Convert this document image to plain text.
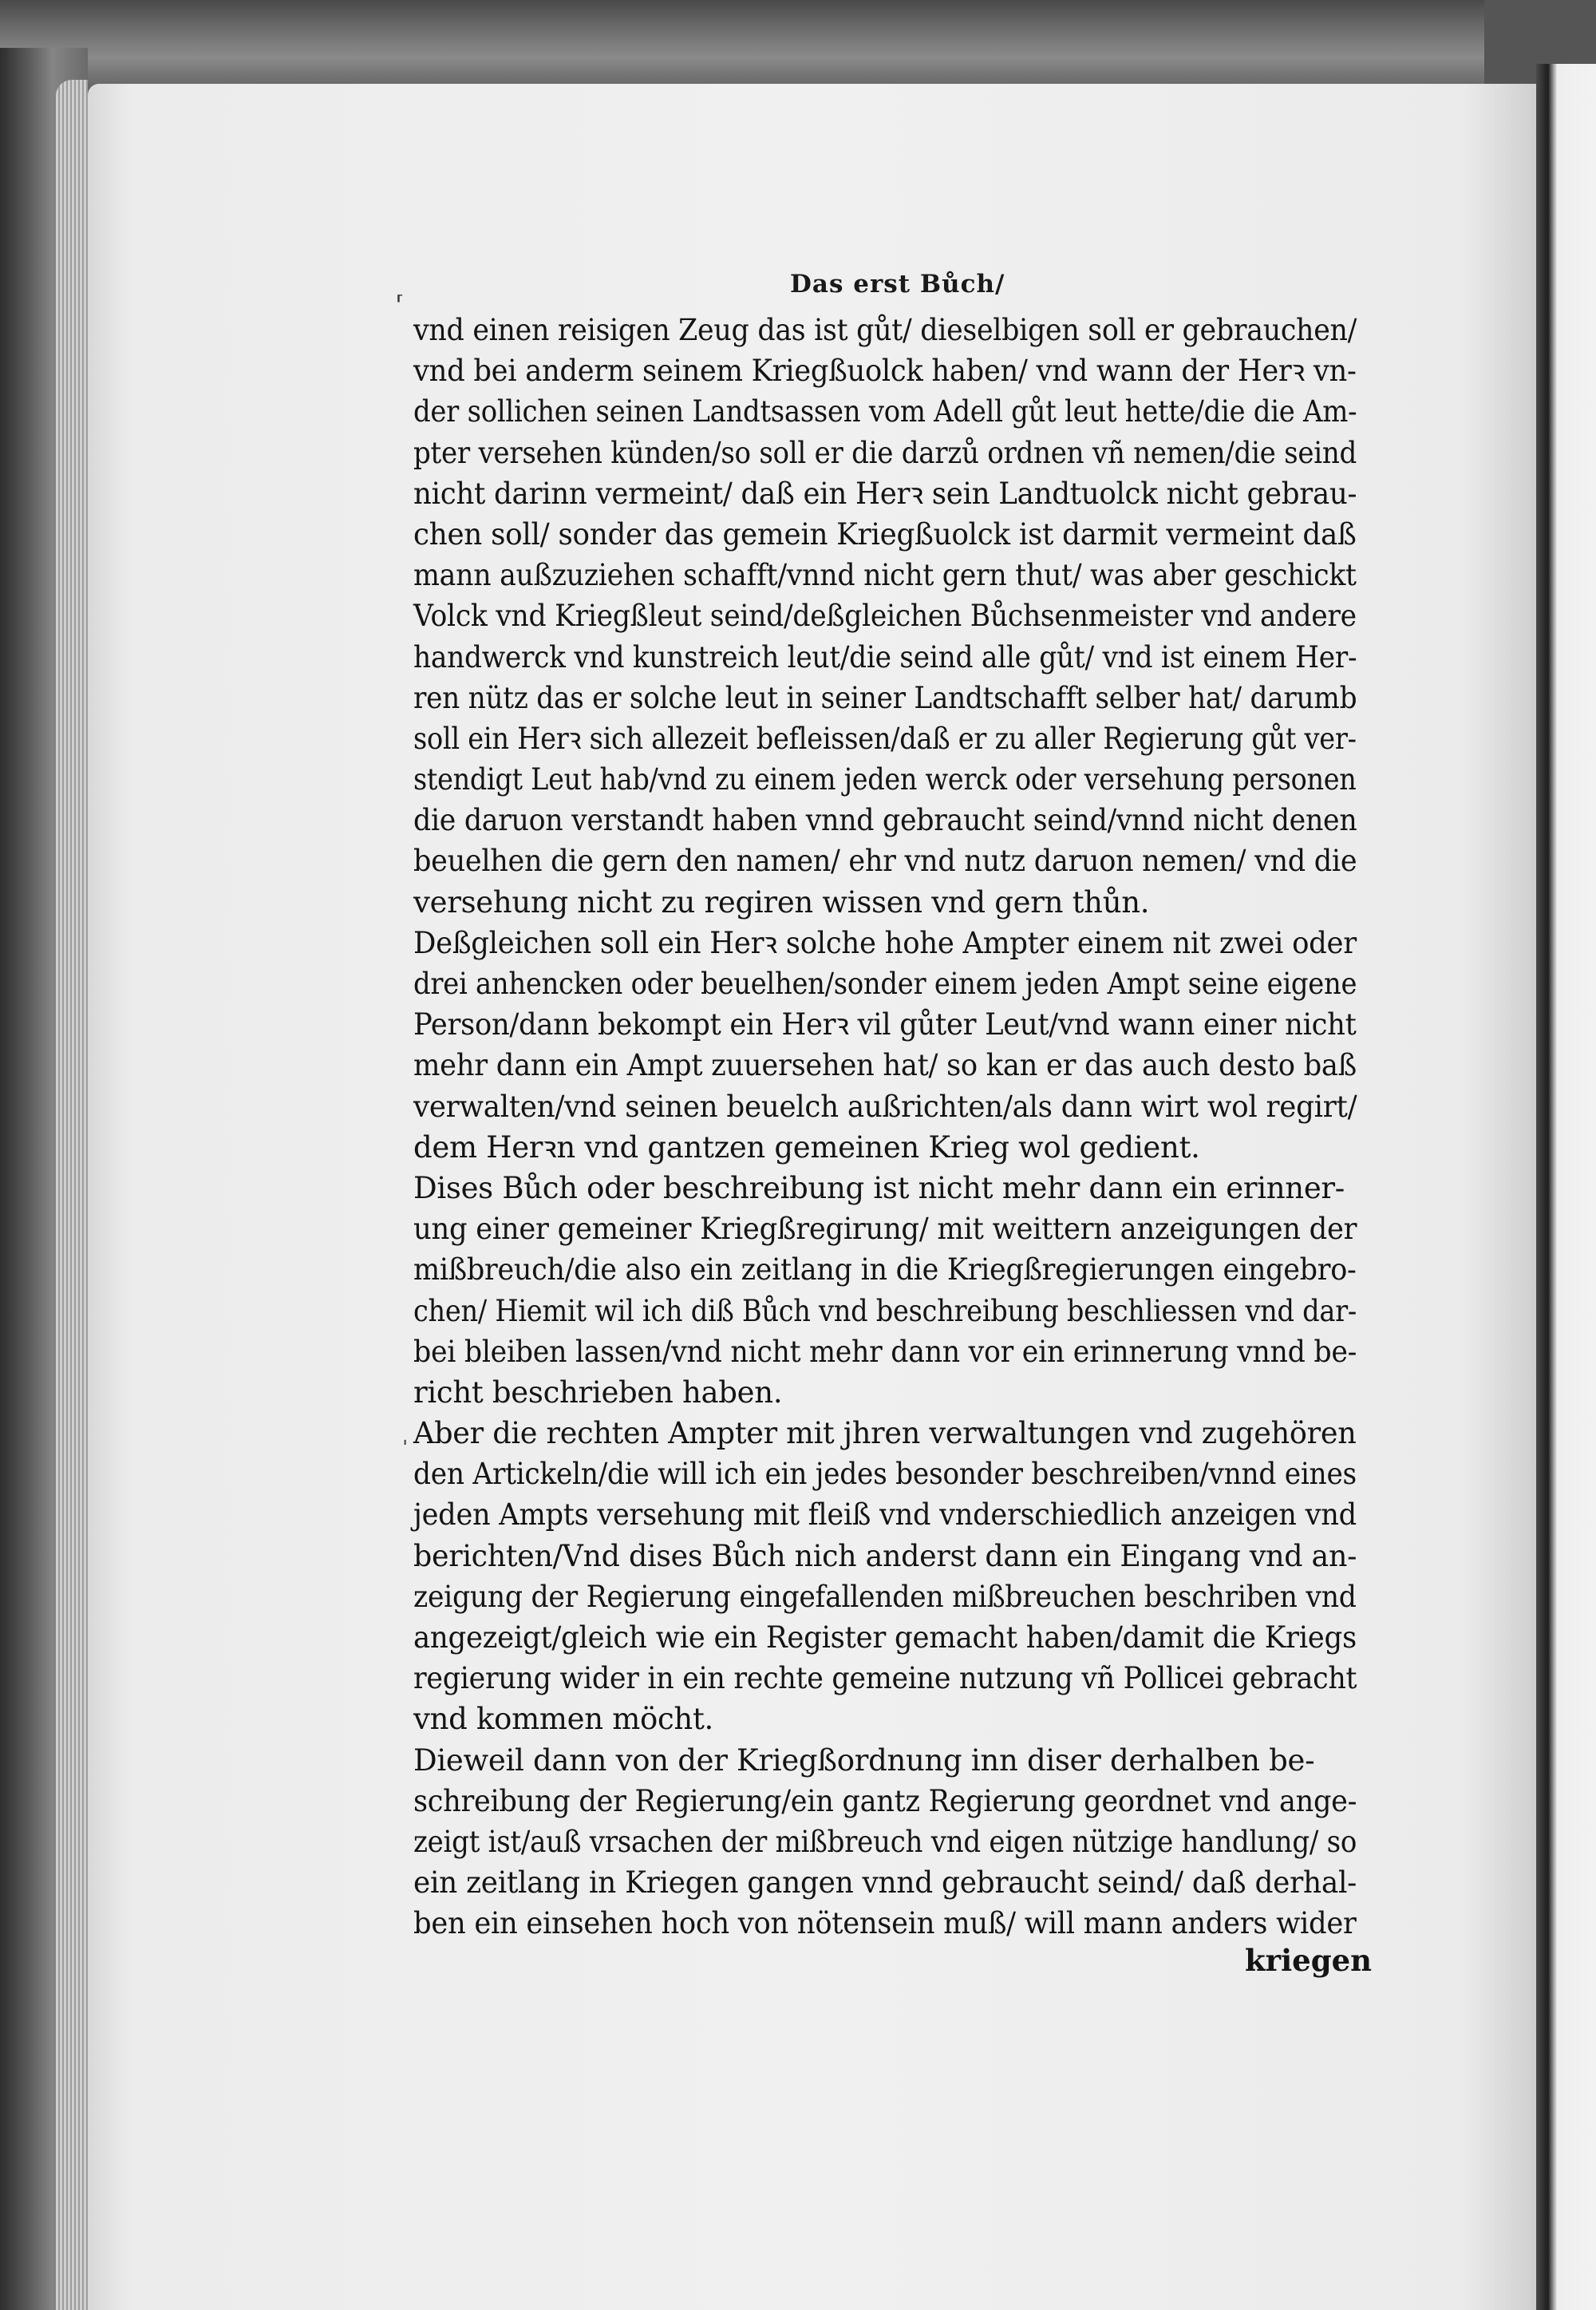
Das erst Bůch/
⸢
ˌ
vnd einen reisigen Zeug das ist gůt/ dieselbigen soll er gebrauchen/
vnd bei anderm seinem Kriegßuolck haben/ vnd wann der Herꝛ vn-
der sollichen seinen Landtsassen vom Adell gůt leut hette/die die Am-
pter versehen künden/so soll er die darzů ordnen vñ nemen/die seind
nicht darinn vermeint/ daß ein Herꝛ sein Landtuolck nicht gebrau-
chen soll/ sonder das gemein Kriegßuolck ist darmit vermeint daß
mann außzuziehen schafft/vnnd nicht gern thut/ was aber geschickt
Volck vnd Kriegßleut seind/deßgleichen Bůchsenmeister vnd andere
handwerck vnd kunstreich leut/die seind alle gůt/ vnd ist einem Her-
ren nütz das er solche leut in seiner Landtschafft selber hat/ darumb
soll ein Herꝛ sich allezeit befleissen/daß er zu aller Regierung gůt ver-
stendigt Leut hab/vnd zu einem jeden werck oder versehung personen
die daruon verstandt haben vnnd gebraucht seind/vnnd nicht denen
beuelhen die gern den namen/ ehr vnd nutz daruon nemen/ vnd die
versehung nicht zu regiren wissen vnd gern thůn.
Deßgleichen soll ein Herꝛ solche hohe Ampter einem nit zwei oder
drei anhencken oder beuelhen/sonder einem jeden Ampt seine eigene
Person/dann bekompt ein Herꝛ vil gůter Leut/vnd wann einer nicht
mehr dann ein Ampt zuuersehen hat/ so kan er das auch desto baß
verwalten/vnd seinen beuelch außrichten/als dann wirt wol regirt/
dem Herꝛn vnd gantzen gemeinen Krieg wol gedient.
Dises Bůch oder beschreibung ist nicht mehr dann ein erinner-
ung einer gemeiner Kriegßregirung/ mit weittern anzeigungen der
mißbreuch/die also ein zeitlang in die Kriegßregierungen eingebro-
chen/ Hiemit wil ich diß Bůch vnd beschreibung beschliessen vnd dar-
bei bleiben lassen/vnd nicht mehr dann vor ein erinnerung vnnd be-
richt beschrieben haben.
Aber die rechten Ampter mit jhren verwaltungen vnd zugehören
den Artickeln/die will ich ein jedes besonder beschreiben/vnnd eines
jeden Ampts versehung mit fleiß vnd vnderschiedlich anzeigen vnd
berichten/Vnd dises Bůch nich anderst dann ein Eingang vnd an-
zeigung der Regierung eingefallenden mißbreuchen beschriben vnd
angezeigt/gleich wie ein Register gemacht haben/damit die Kriegs
regierung wider in ein rechte gemeine nutzung vñ Pollicei gebracht
vnd kommen möcht.
Dieweil dann von der Kriegßordnung inn diser derhalben be-
schreibung der Regierung/ein gantz Regierung geordnet vnd ange-
zeigt ist/auß vrsachen der mißbreuch vnd eigen nützige handlung/ so
ein zeitlang in Kriegen gangen vnnd gebraucht seind/ daß derhal-
ben ein einsehen hoch von nötensein muß/ will mann anders wider
kriegen
